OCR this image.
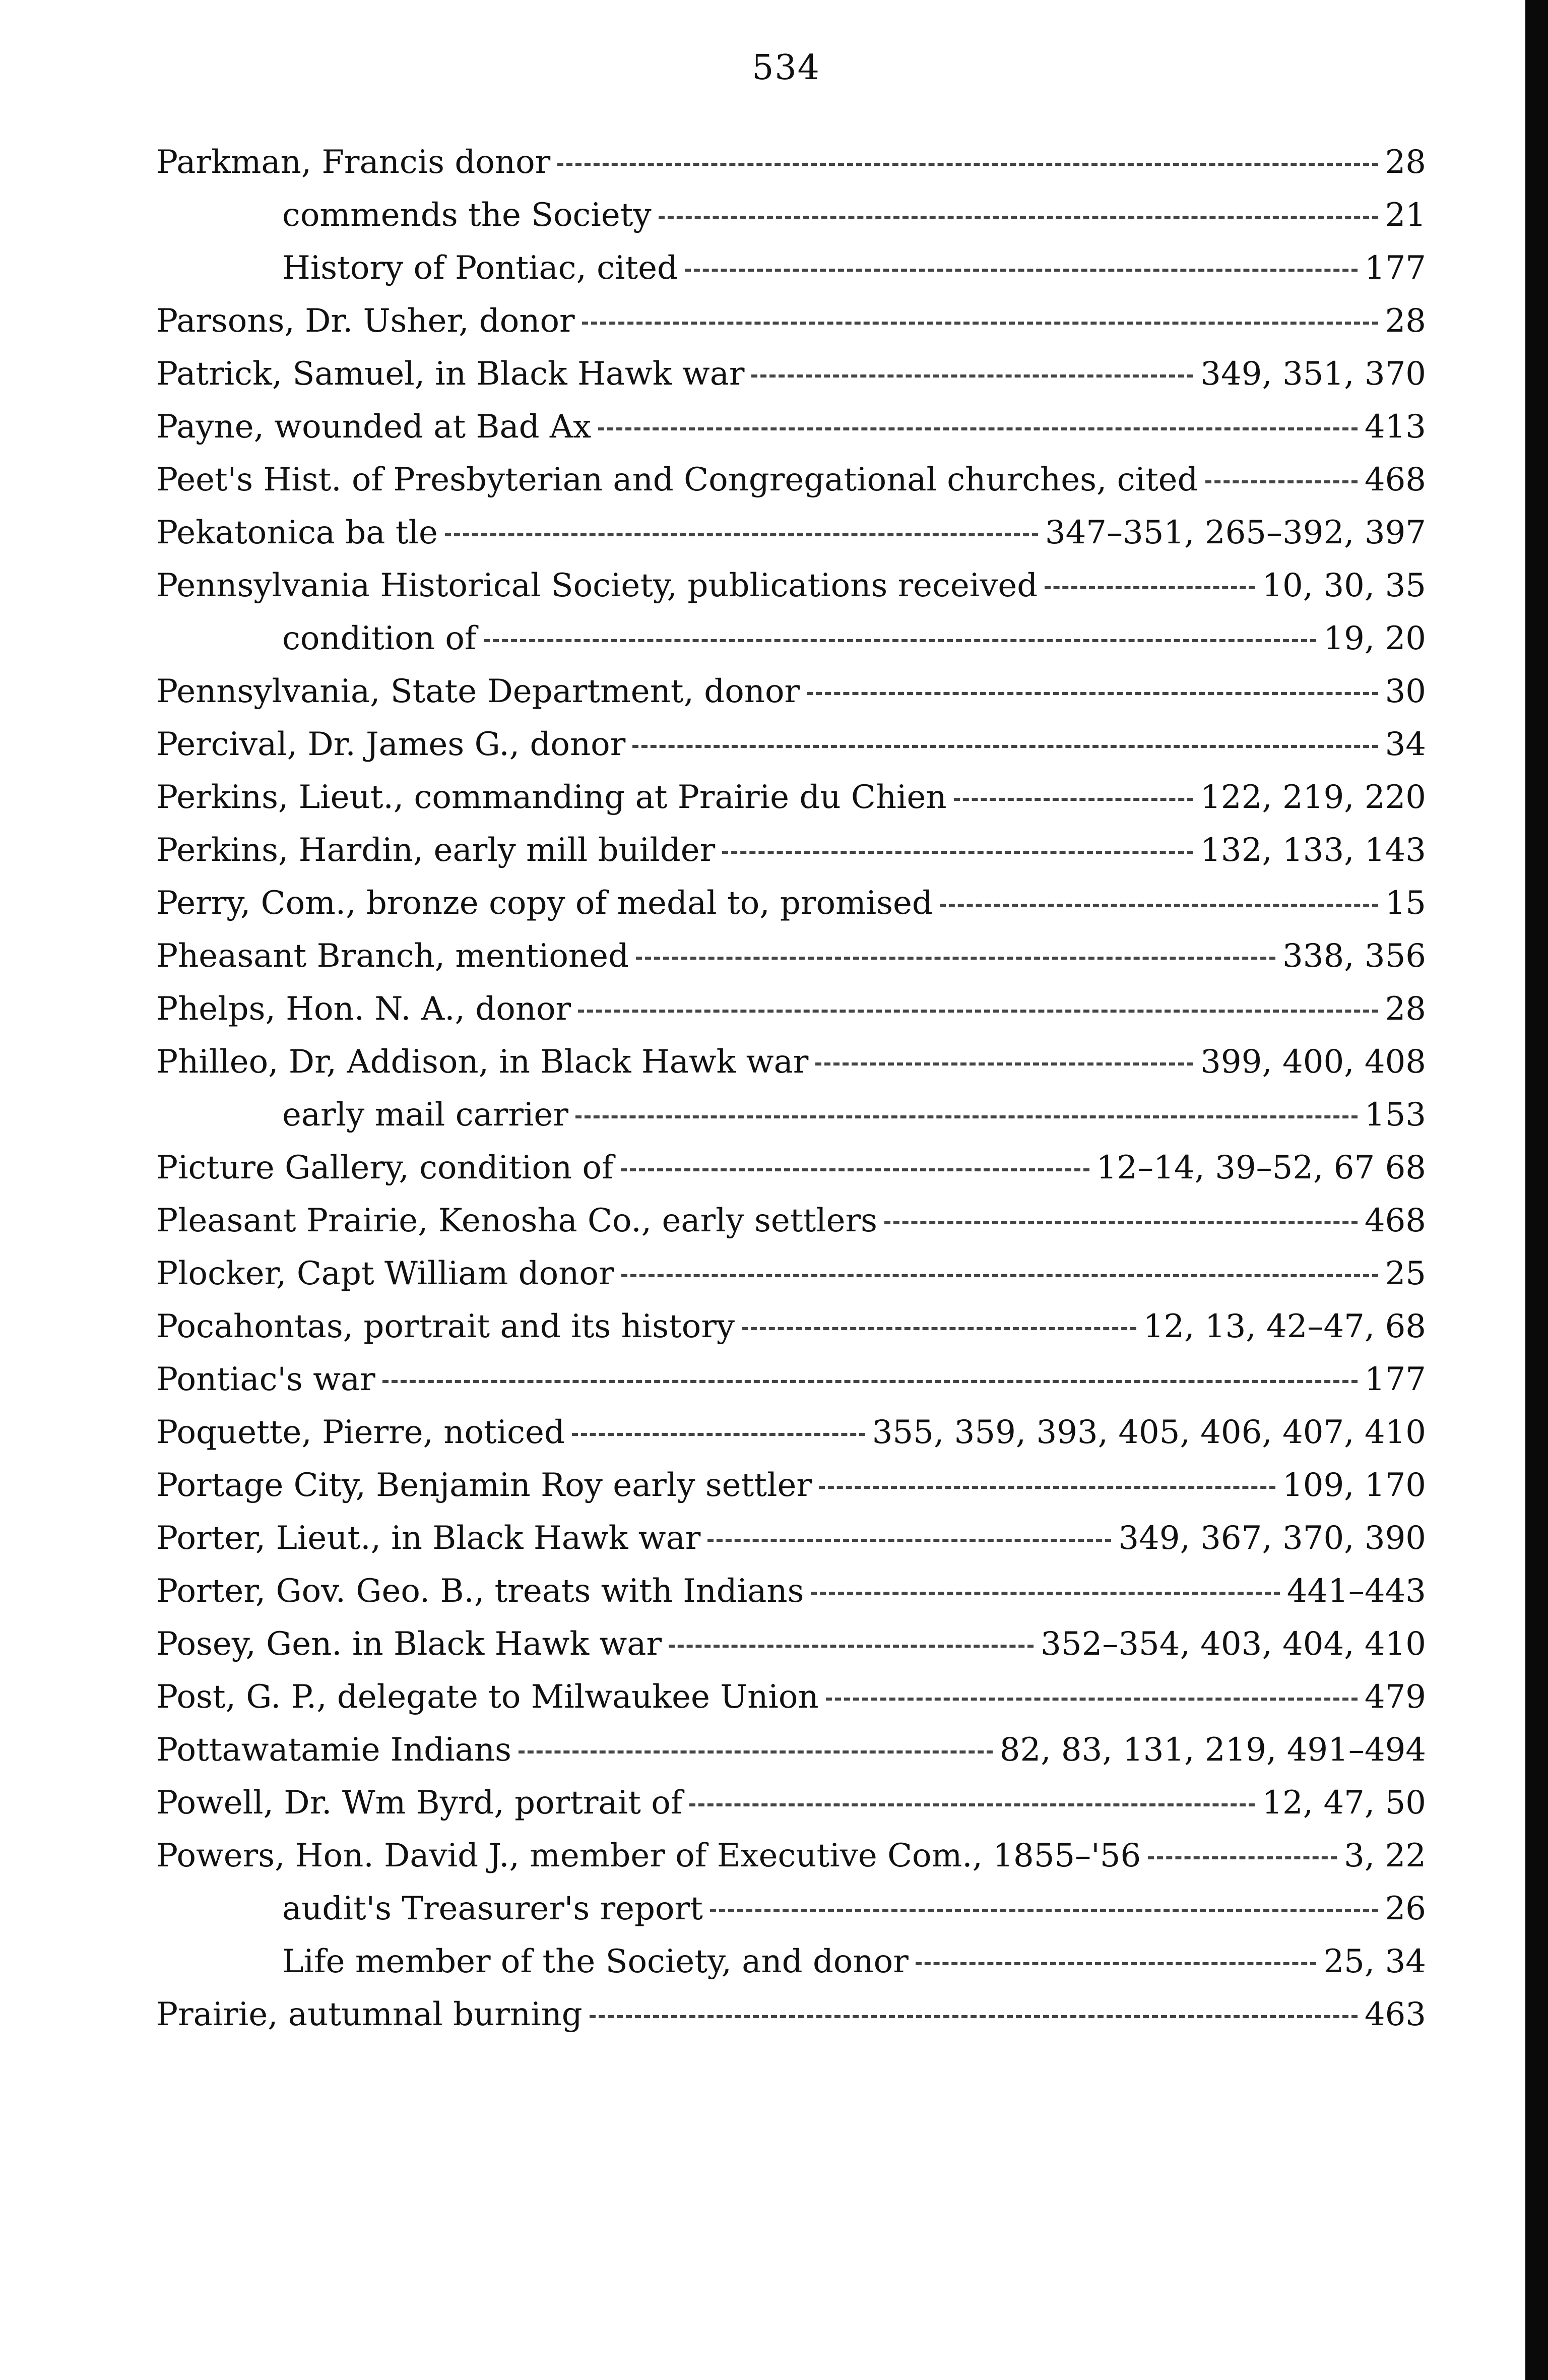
534
Parkman, Francis donor	28
commends the Society	21
History of Pontiac, cited	177
Parsons, Dr. Usher, donor	28
Patrick, Samuel, in Black Hawk war	349, 351, 370
Payne, wounded at Bad Ax	413
Peet's Hist. of Presbyterian and Congregational churches, cited	468
Pekatonica ba tle	347–351, 265–392, 397
Pennsylvania Historical Society, publications received	10, 30, 35
condition of	19, 20
Pennsylvania, State Department, donor	30
Percival, Dr. James G., donor	34
Perkins, Lieut., commanding at Prairie du Chien	122, 219, 220
Perkins, Hardin, early mill builder	132, 133, 143
Perry, Com., bronze copy of medal to, promised	15
Pheasant Branch, mentioned	338, 356
Phelps, Hon. N. A., donor	28
Philleo, Dr, Addison, in Black Hawk war	399, 400, 408
early mail carrier	153
Picture Gallery, condition of	12–14, 39–52, 67 68
Pleasant Prairie, Kenosha Co., early settlers	468
Plocker, Capt William donor	25
Pocahontas, portrait and its history	12, 13, 42–47, 68
Pontiac's war	177
Poquette, Pierre, noticed	355, 359, 393, 405, 406, 407, 410
Portage City, Benjamin Roy early settler	109, 170
Porter, Lieut., in Black Hawk war	349, 367, 370, 390
Porter, Gov. Geo. B., treats with Indians	441–443
Posey, Gen. in Black Hawk war	352–354, 403, 404, 410
Post, G. P., delegate to Milwaukee Union	479
Pottawatamie Indians	82, 83, 131, 219, 491–494
Powell, Dr. Wm Byrd, portrait of	12, 47, 50
Powers, Hon. David J., member of Executive Com., 1855–'56	3, 22
audit's Treasurer's report	26
Life member of the Society, and donor	25, 34
Prairie, autumnal burning	463
